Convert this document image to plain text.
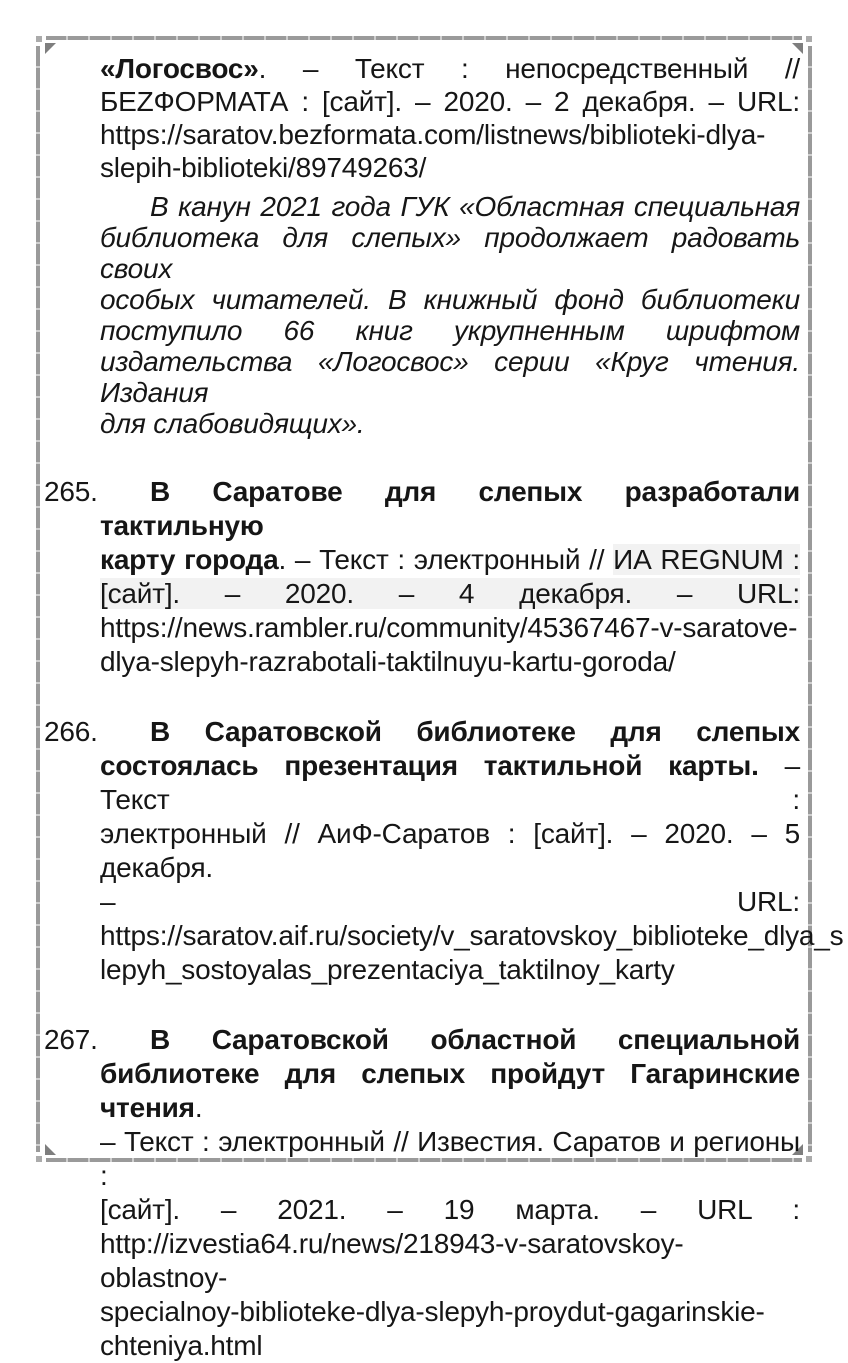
«Логосвос». – Текст : непосредственный //
БЕZФОРМАТА : [сайт]. – 2020. – 2 декабря. – URL:
https://saratov.bezformata.com/listnews/biblioteki-dlya-
slepih-biblioteki/89749263/
В канун 2021 года ГУК «Областная специальная
библиотека для слепых» продолжает радовать своих
особых читателей. В книжный фонд библиотеки
поступило 66 книг укрупненным шрифтом
издательства «Логосвос» серии «Круг чтения. Издания
для слабовидящих».
265.	В Саратове для слепых разработали тактильную
карту города. – Текст : электронный // ИА REGNUM :
[сайт]. – 2020. – 4 декабря. – URL:
https://news.rambler.ru/community/45367467-v-saratove-
dlya-slepyh-razrabotali-taktilnuyu-kartu-goroda/
266.	В Саратовской библиотеке для слепых
состоялась презентация тактильной карты. – Текст :
электронный // АиФ-Саратов : [сайт]. – 2020. – 5 декабря.
– URL:
https://saratov.aif.ru/society/v_saratovskoy_biblioteke_dlya_s
lepyh_sostoyalas_prezentaciya_taktilnoy_karty
267.	В Саратовской областной специальной
библиотеке для слепых пройдут Гагаринские чтения.
– Текст : электронный // Известия. Саратов и регионы :
[сайт]. – 2021. – 19 марта. – URL :
http://izvestia64.ru/news/218943-v-saratovskoy-oblastnoy-
specialnoy-biblioteke-dlya-slepyh-proydut-gagarinskie-
chteniya.html
